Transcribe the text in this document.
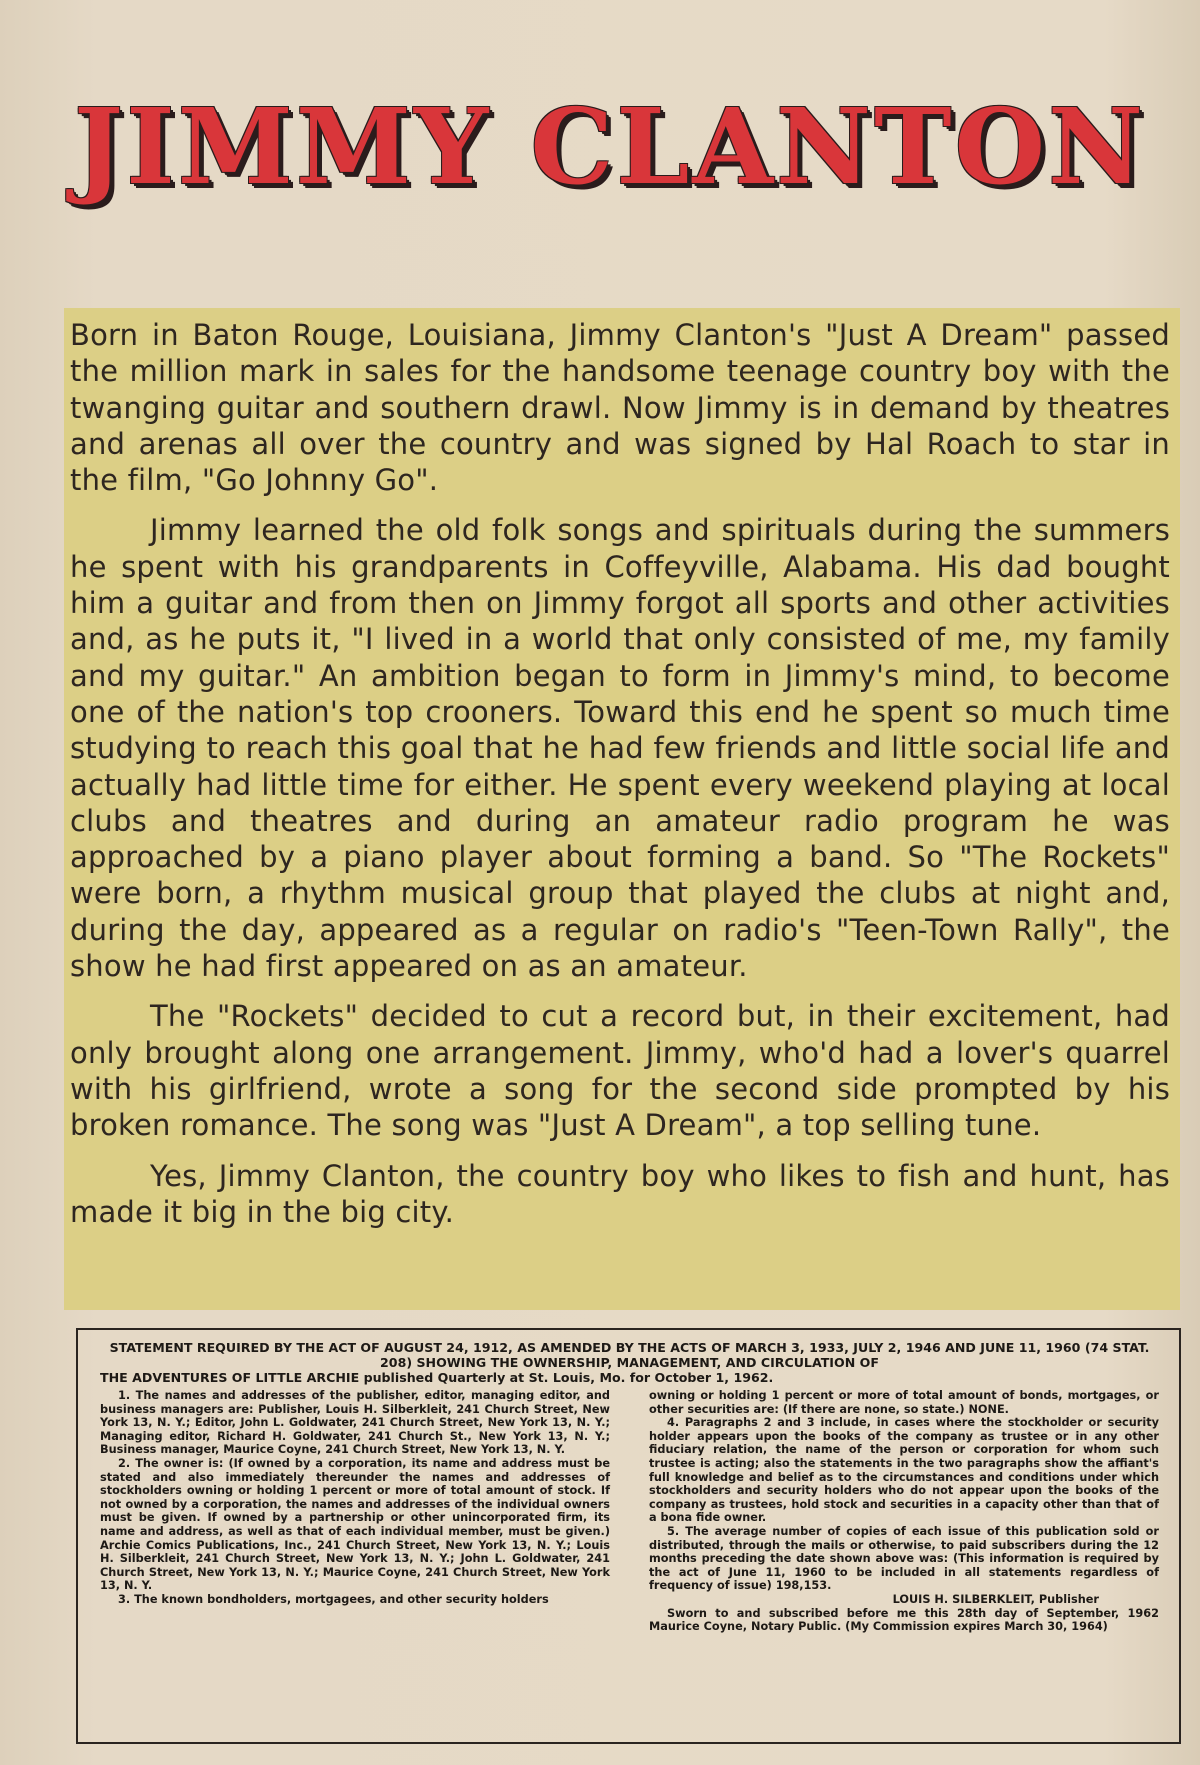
JIMMY CLANTON

Born in Baton Rouge, Louisiana, Jimmy Clanton's "Just A Dream" passed the million mark in sales for the handsome teenage country boy with the twanging guitar and southern drawl. Now Jimmy is in demand by theatres and arenas all over the country and was signed by Hal Roach to star in the film, "Go Johnny Go".

Jimmy learned the old folk songs and spirituals during the summers he spent with his grandparents in Coffeyville, Alabama. His dad bought him a guitar and from then on Jimmy forgot all sports and other activities and, as he puts it, "I lived in a world that only consisted of me, my family and my guitar." An ambition began to form in Jimmy's mind, to become one of the nation's top crooners. Toward this end he spent so much time studying to reach this goal that he had few friends and little social life and actually had little time for either. He spent every weekend playing at local clubs and theatres and during an amateur radio program he was approached by a piano player about forming a band. So "The Rockets" were born, a rhythm musical group that played the clubs at night and, during the day, appeared as a regular on radio's "Teen-Town Rally", the show he had first appeared on as an amateur.

The "Rockets" decided to cut a record but, in their excitement, had only brought along one arrangement. Jimmy, who'd had a lover's quarrel with his girlfriend, wrote a song for the second side prompted by his broken romance. The song was "Just A Dream", a top selling tune.

Yes, Jimmy Clanton, the country boy who likes to fish and hunt, has made it big in the big city.

STATEMENT REQUIRED BY THE ACT OF AUGUST 24, 1912, AS AMENDED BY THE ACTS OF MARCH 3, 1933, JULY 2, 1946 AND JUNE 11, 1960 (74 STAT. 208) SHOWING THE OWNERSHIP, MANAGEMENT, AND CIRCULATION OF

THE ADVENTURES OF LITTLE ARCHIE published Quarterly at St. Louis, Mo. for October 1, 1962.

1. The names and addresses of the publisher, editor, managing editor, and business managers are: Publisher, Louis H. Silberkleit, 241 Church Street, New York 13, N. Y.; Editor, John L. Goldwater, 241 Church Street, New York 13, N. Y.; Managing editor, Richard H. Goldwater, 241 Church St., New York 13, N. Y.; Business manager, Maurice Coyne, 241 Church Street, New York 13, N. Y.

2. The owner is: (If owned by a corporation, its name and address must be stated and also immediately thereunder the names and addresses of stockholders owning or holding 1 percent or more of total amount of stock. If not owned by a corporation, the names and addresses of the individual owners must be given. If owned by a partnership or other unincorporated firm, its name and address, as well as that of each individual member, must be given.) Archie Comics Publications, Inc., 241 Church Street, New York 13, N. Y.; Louis H. Silberkleit, 241 Church Street, New York 13, N. Y.; John L. Goldwater, 241 Church Street, New York 13, N. Y.; Maurice Coyne, 241 Church Street, New York 13, N. Y.

3. The known bondholders, mortgagees, and other security holders

owning or holding 1 percent or more of total amount of bonds, mortgages, or other securities are: (If there are none, so state.) NONE.

4. Paragraphs 2 and 3 include, in cases where the stockholder or security holder appears upon the books of the company as trustee or in any other fiduciary relation, the name of the person or corporation for whom such trustee is acting; also the statements in the two paragraphs show the affiant's full knowledge and belief as to the circumstances and conditions under which stockholders and security holders who do not appear upon the books of the company as trustees, hold stock and securities in a capacity other than that of a bona fide owner.

5. The average number of copies of each issue of this publication sold or distributed, through the mails or otherwise, to paid subscribers during the 12 months preceding the date shown above was: (This information is required by the act of June 11, 1960 to be included in all statements regardless of frequency of issue) 198,153.

LOUIS H. SILBERKLEIT, Publisher

Sworn to and subscribed before me this 28th day of September, 1962 Maurice Coyne, Notary Public. (My Commission expires March 30, 1964)
